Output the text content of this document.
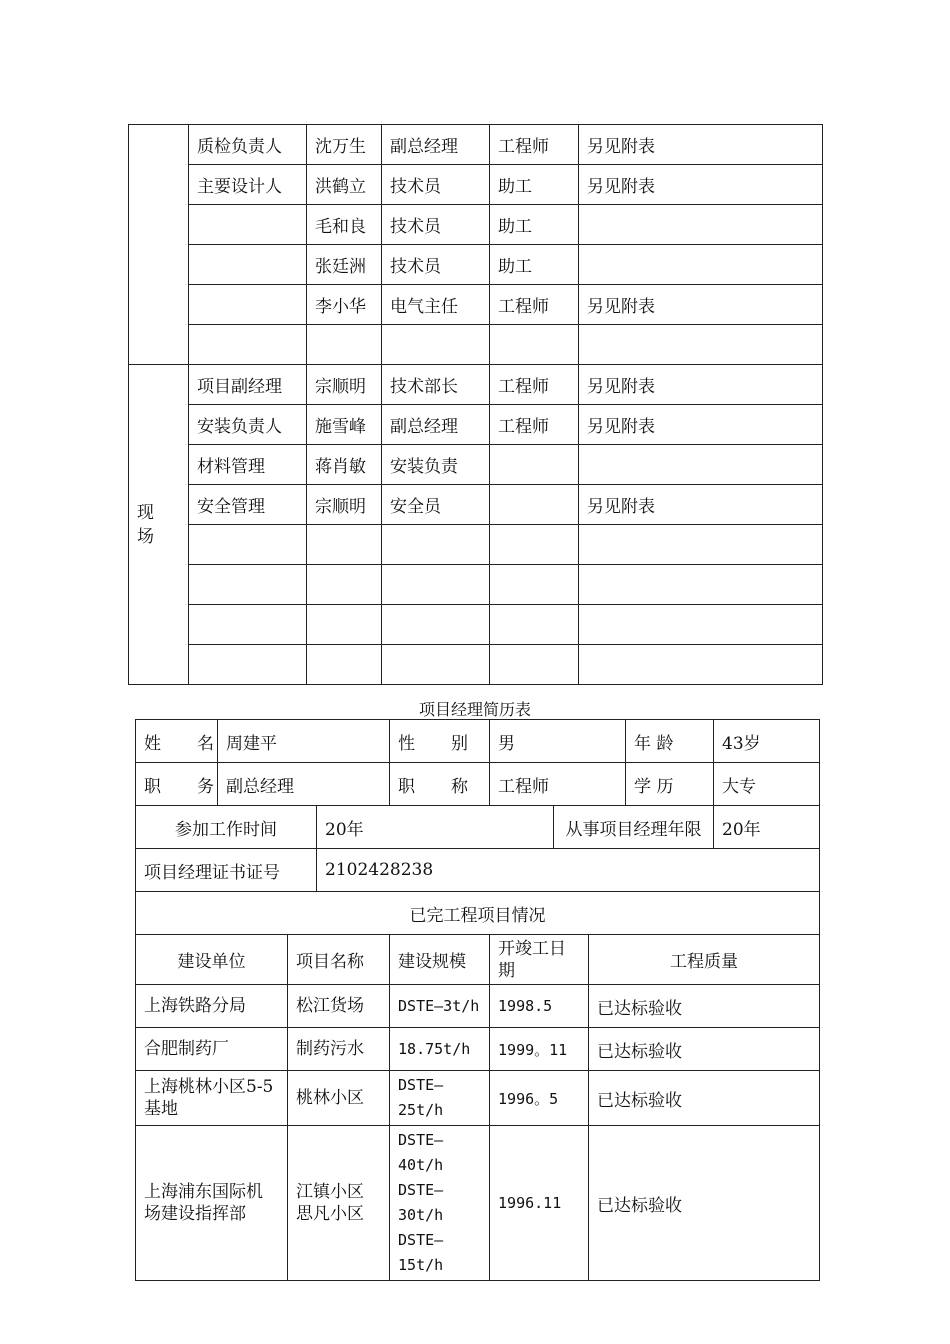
	质检负责人	沈万生	副总经理	工程师	另见附表
	主要设计人	洪鹤立	技术员	助工	另见附表
		毛和良	技术员	助工	
		张廷洲	技术员	助工	
		李小华	电气主任	工程师	另见附表

现
场	项目副经理	宗顺明	技术部长	工程师	另见附表
	安装负责人	施雪峰	副总经理	工程师	另见附表
	材料管理	蒋肖敏	安装负责		
	安全管理	宗顺明	安全员		另见附表

项目经理简历表
姓 名	周建平			性 别	男			年 龄	43岁
职 务	副总经理			职 称	工程师			学 历	大专
参加工作时间			20年			从事项目经理年限			20年
项目经理证书证号			2102428238						
已完工程项目情况									
建设单位		项目名称		建设规模	开竣工日期		工程质量		
上海铁路分局		松江货场		DSTE—3t/h	1998.5		已达标验收		
合肥制药厂		制药污水		18.75t/h	1999。11		已达标验收		
上海桃林小区5-5基地		桃林小区		DSTE—25t/h	1996。5		已达标验收		
上海浦东国际机场建设指挥部		江镇小区 思凡小区		DSTE—40t/h
DSTE—30t/h
DSTE—15t/h	1996.11		已达标验收		
